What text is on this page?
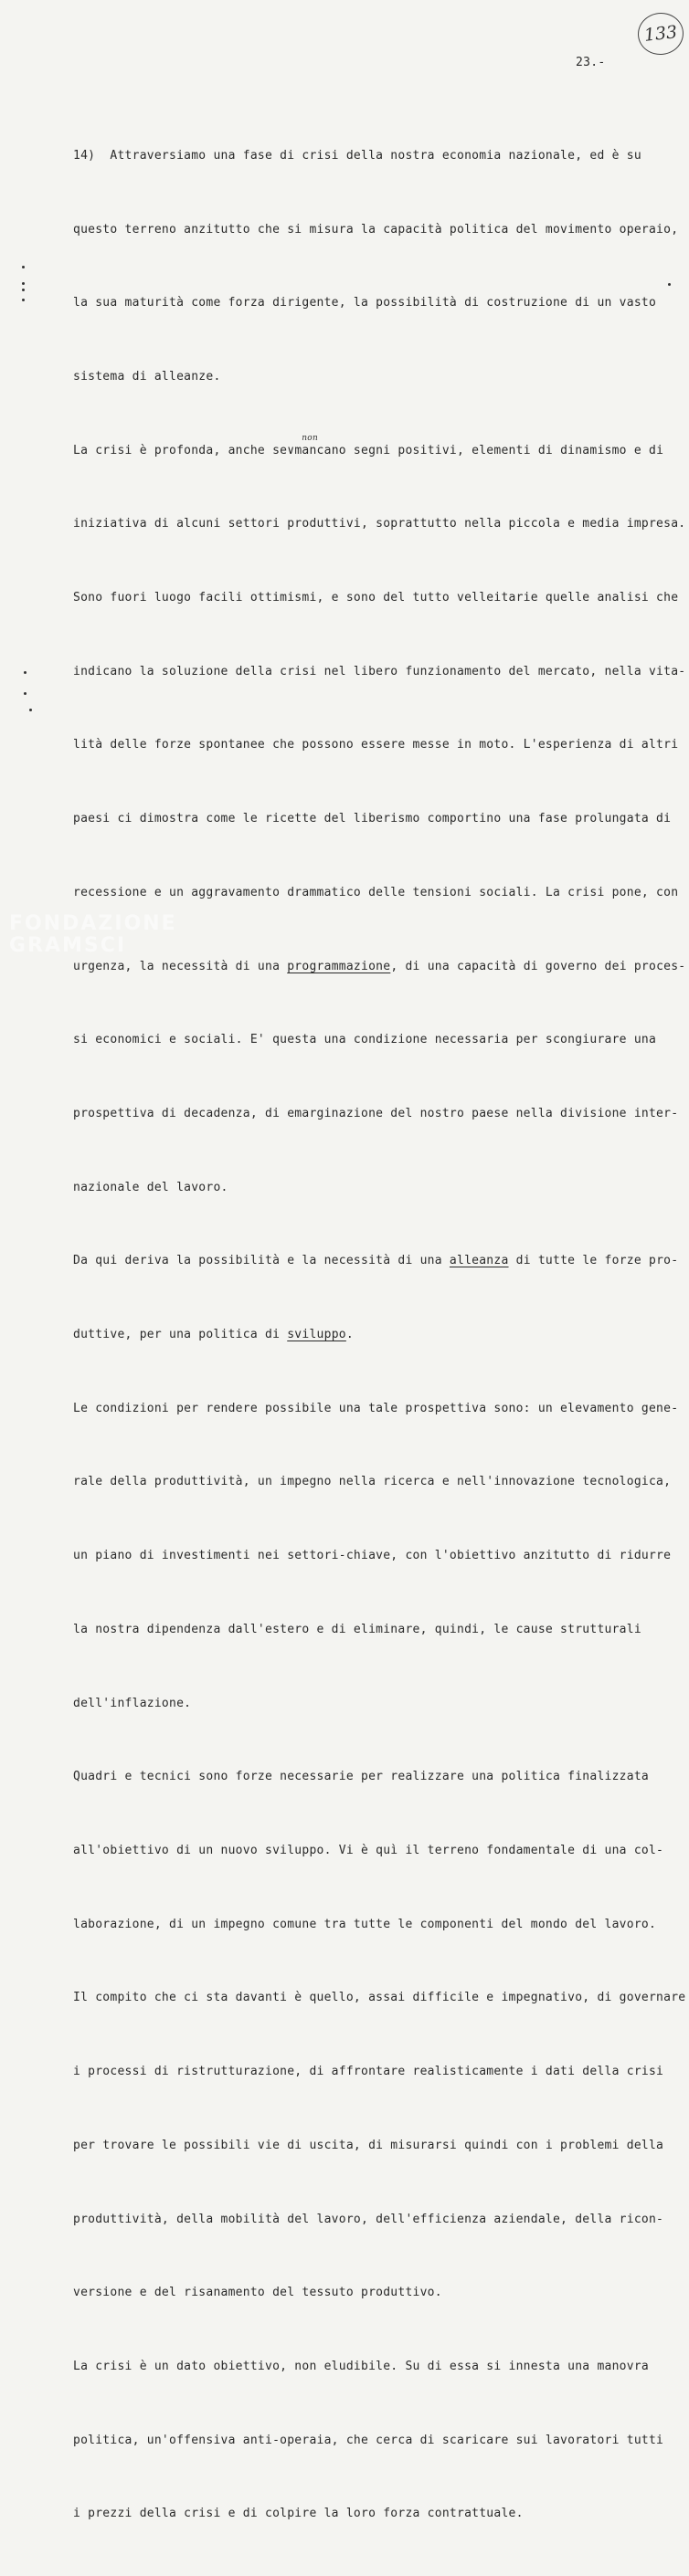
133
23.-

14)  Attraversiamo una fase di crisi della nostra economia nazionale, ed è su

questo terreno anzitutto che si misura la capacità politica del movimento operaio,

la sua maturità come forza dirigente, la possibilità di costruzione di un vasto

sistema di alleanze.

La crisi è profonda, anche se∨
non
mancano segni positivi, elementi di dinamismo e di

iniziativa di alcuni settori produttivi, soprattutto nella piccola e media impresa.

Sono fuori luogo facili ottimismi, e sono del tutto velleitarie quelle analisi che

indicano la soluzione della crisi nel libero funzionamento del mercato, nella vita-

lità delle forze spontanee che possono essere messe in moto. L'esperienza di altri

paesi ci dimostra come le ricette del liberismo comportino una fase prolungata di

recessione e un aggravamento drammatico delle tensioni sociali. La crisi pone, con

urgenza, la necessità di una programmazione, di una capacità di governo dei proces-

si economici e sociali. E' questa una condizione necessaria per scongiurare una

prospettiva di decadenza, di emarginazione del nostro paese nella divisione inter-

nazionale del lavoro.

Da qui deriva la possibilità e la necessità di una alleanza di tutte le forze pro-

duttive, per una politica di sviluppo.

Le condizioni per rendere possibile una tale prospettiva sono: un elevamento gene-

rale della produttività, un impegno nella ricerca e nell'innovazione tecnologica,

un piano di investimenti nei settori-chiave, con l'obiettivo anzitutto di ridurre

la nostra dipendenza dall'estero e di eliminare, quindi, le cause strutturali

dell'inflazione.

Quadri e tecnici sono forze necessarie per realizzare una politica finalizzata

all'obiettivo di un nuovo sviluppo. Vi è quì il terreno fondamentale di una col-

laborazione, di un impegno comune tra tutte le componenti del mondo del lavoro.

Il compito che ci sta davanti è quello, assai difficile e impegnativo, di governare

i processi di ristrutturazione, di affrontare realisticamente i dati della crisi

per trovare le possibili vie di uscita, di misurarsi quindi con i problemi della

produttività, della mobilità del lavoro, dell'efficienza aziendale, della ricon-

versione e del risanamento del tessuto produttivo.

La crisi è un dato obiettivo, non eludibile. Su di essa si innesta una manovra

politica, un'offensiva anti-operaia, che cerca di scaricare sui lavoratori tutti

i prezzi della crisi e di colpire la loro forza contrattuale.

FONDAZIONE
GRAMSCI
